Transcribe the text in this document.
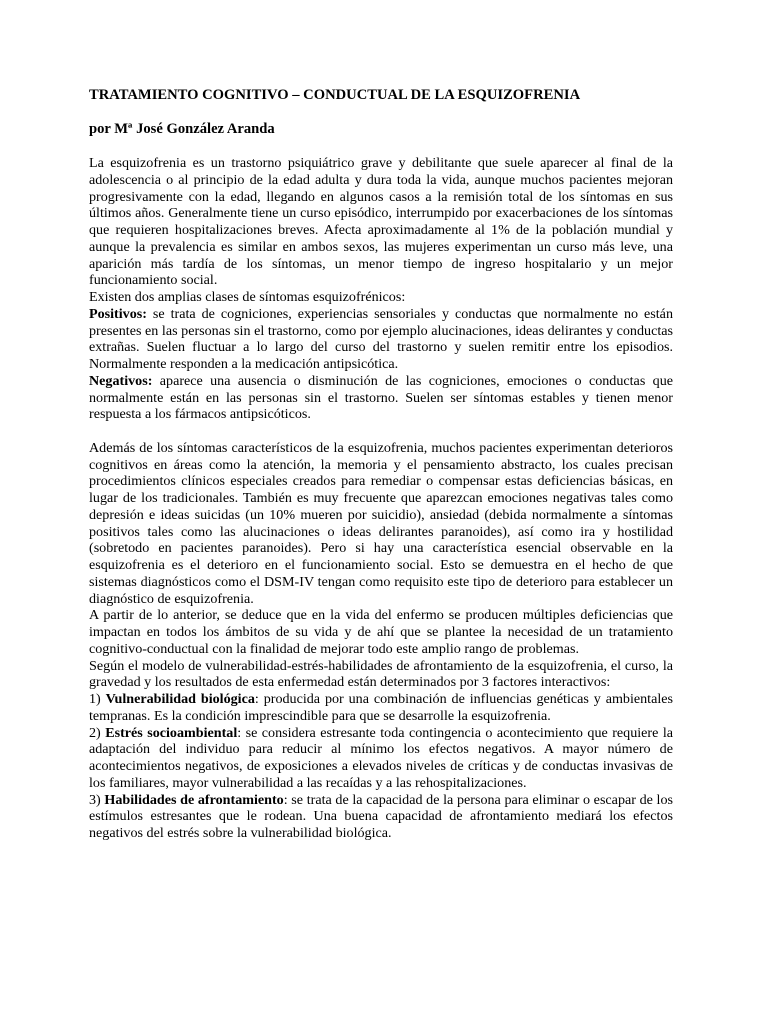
TRATAMIENTO COGNITIVO – CONDUCTUAL DE LA ESQUIZOFRENIA

por Mª José González Aranda

La esquizofrenia es un trastorno psiquiátrico grave y debilitante que suele aparecer al final de la adolescencia o al principio de la edad adulta y dura toda la vida, aunque muchos pacientes mejoran progresivamente con la edad, llegando en algunos casos a la remisión total de los síntomas en sus últimos años. Generalmente tiene un curso episódico, interrumpido por exacerbaciones de los síntomas que requieren hospitalizaciones breves. Afecta aproximadamente al 1% de la población mundial y aunque la prevalencia es similar en ambos sexos, las mujeres experimentan un curso más leve, una aparición más tardía de los síntomas, un menor tiempo de ingreso hospitalario y un mejor funcionamiento social.

Existen dos amplias clases de síntomas esquizofrénicos:

Positivos: se trata de cogniciones, experiencias sensoriales y conductas que normalmente no están presentes en las personas sin el trastorno, como por ejemplo alucinaciones, ideas delirantes y conductas extrañas. Suelen fluctuar a lo largo del curso del trastorno y suelen remitir entre los episodios. Normalmente responden a la medicación antipsicótica.

Negativos: aparece una ausencia o disminución de las cogniciones, emociones o conductas que normalmente están en las personas sin el trastorno. Suelen ser síntomas estables y tienen menor respuesta a los fármacos antipsicóticos.

Además de los síntomas característicos de la esquizofrenia, muchos pacientes experimentan deterioros cognitivos en áreas como la atención, la memoria y el pensamiento abstracto, los cuales precisan procedimientos clínicos especiales creados para remediar o compensar estas deficiencias básicas, en lugar de los tradicionales. También es muy frecuente que aparezcan emociones negativas tales como depresión e ideas suicidas (un 10% mueren por suicidio), ansiedad (debida normalmente a síntomas positivos tales como las alucinaciones o ideas delirantes paranoides), así como ira y hostilidad (sobretodo en pacientes paranoides). Pero si hay una característica esencial observable en la esquizofrenia es el deterioro en el funcionamiento social. Esto se demuestra en el hecho de que sistemas diagnósticos como el DSM-IV tengan como requisito este tipo de deterioro para establecer un diagnóstico de esquizofrenia.

A partir de lo anterior, se deduce que en la vida del enfermo se producen múltiples deficiencias que impactan en todos los ámbitos de su vida y de ahí que se plantee la necesidad de un tratamiento cognitivo-conductual con la finalidad de mejorar todo este amplio rango de problemas.

Según el modelo de vulnerabilidad-estrés-habilidades de afrontamiento de la esquizofrenia, el curso, la gravedad y los resultados de esta enfermedad están determinados por 3 factores interactivos:

1) Vulnerabilidad biológica: producida por una combinación de influencias genéticas y ambientales tempranas. Es la condición imprescindible para que se desarrolle la esquizofrenia.

2) Estrés socioambiental: se considera estresante toda contingencia o acontecimiento que requiere la adaptación del individuo para reducir al mínimo los efectos negativos. A mayor número de acontecimientos negativos, de exposiciones a elevados niveles de críticas y de conductas invasivas de los familiares, mayor vulnerabilidad a las recaídas y a las rehospitalizaciones.

3) Habilidades de afrontamiento: se trata de la capacidad de la persona para eliminar o escapar de los estímulos estresantes que le rodean. Una buena capacidad de afrontamiento mediará los efectos negativos del estrés sobre la vulnerabilidad biológica.
